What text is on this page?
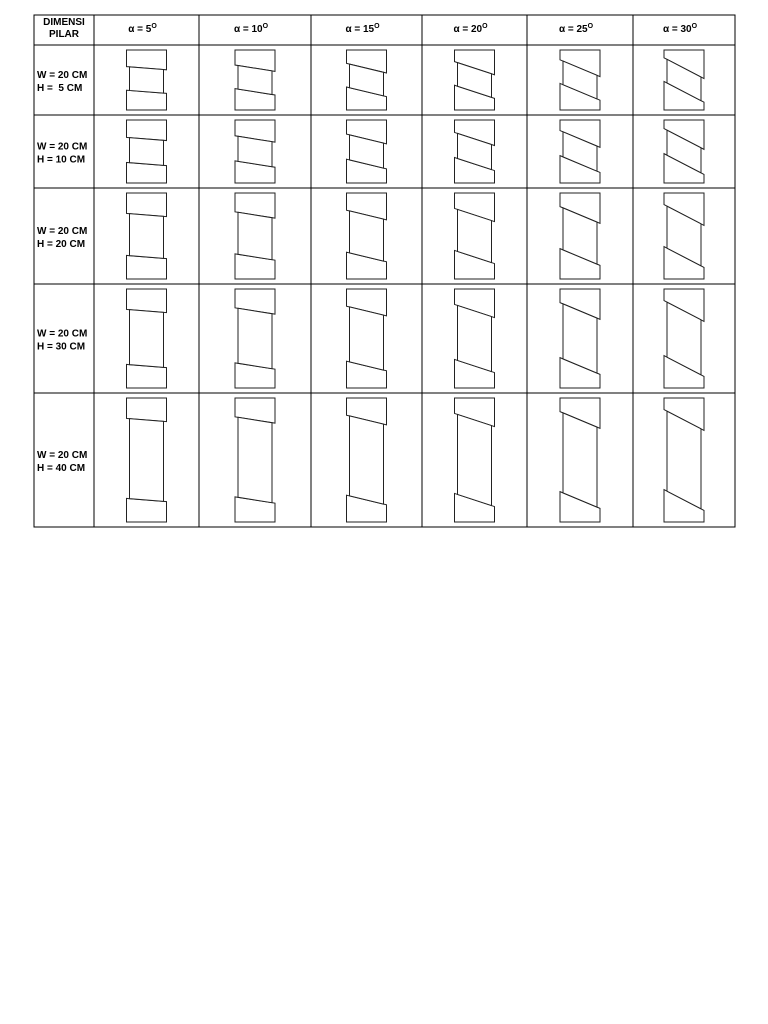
DIMENSI
PILAR	$\alpha = 5^O$	$\alpha = 10^O$	$\alpha = 15^O$	$\alpha = 20^O$	$\alpha = 25^O$	$\alpha = 30^O$
W = 20 CM
H =  5 CM
W = 20 CM
H = 10 CM
W = 20 CM
H = 20 CM
W = 20 CM
H = 30 CM
W = 20 CM
H = 40 CM
